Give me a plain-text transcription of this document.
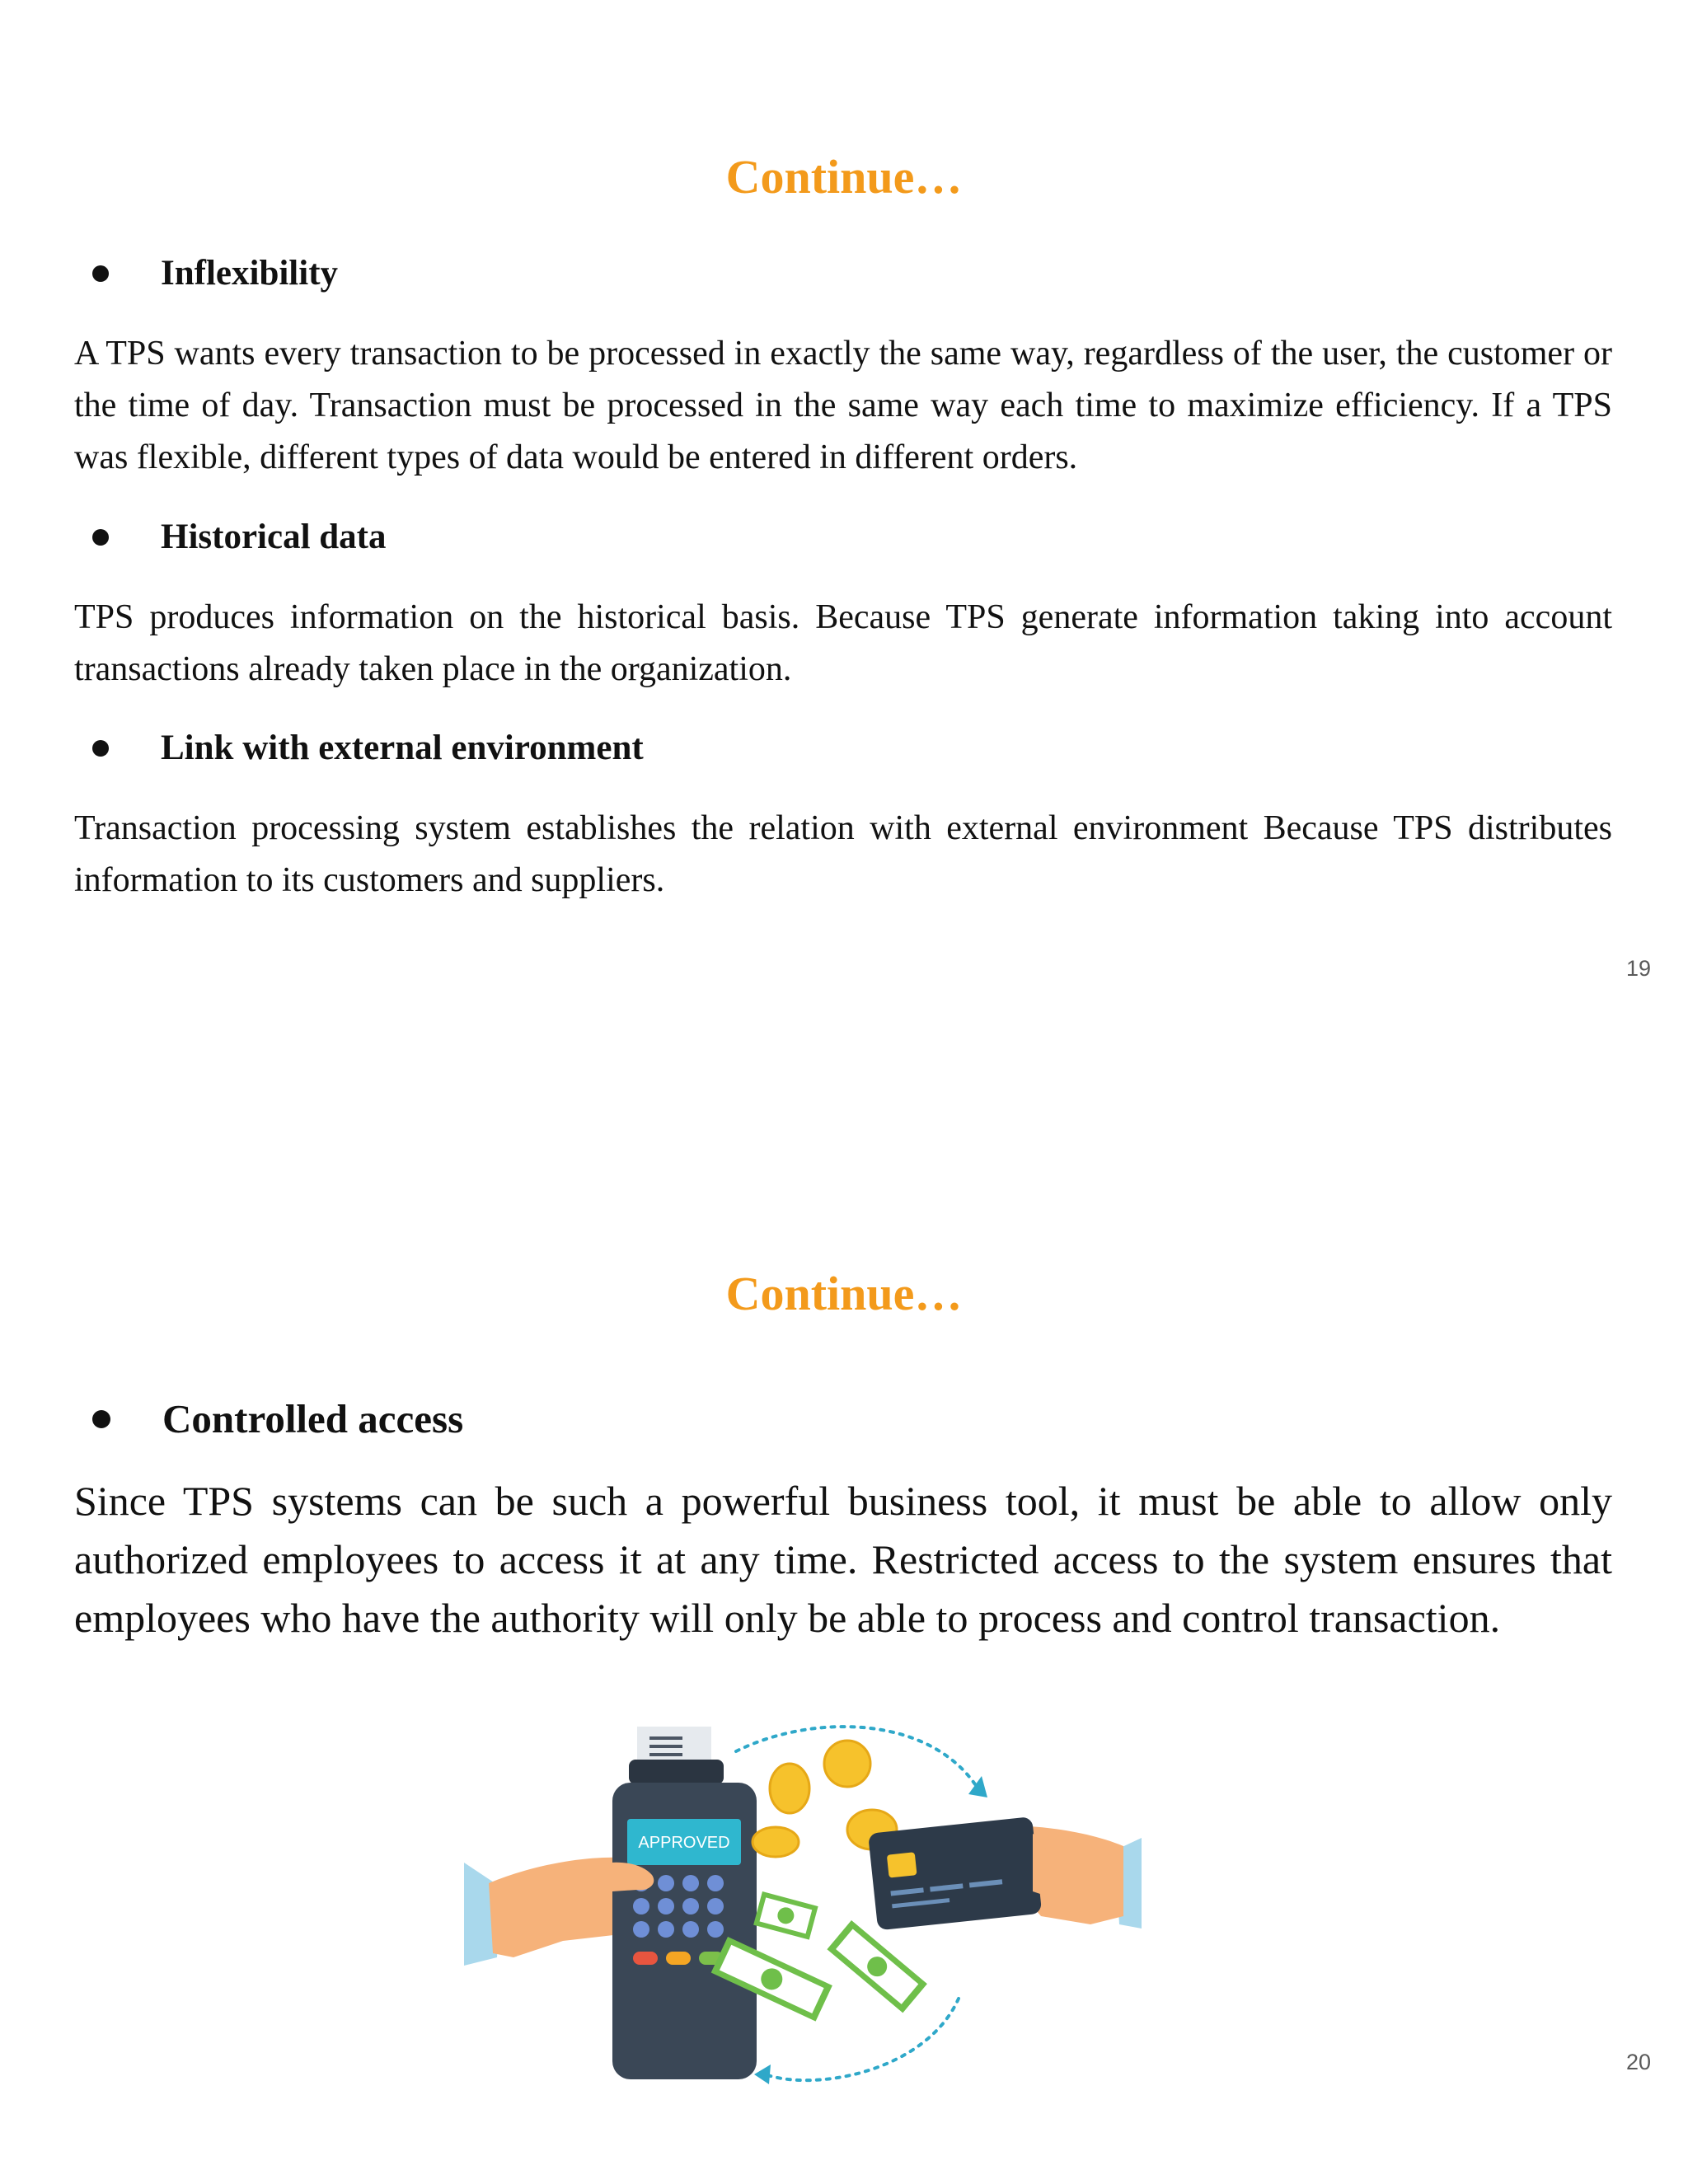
Continue…
Inflexibility

A TPS wants every transaction to be processed in exactly the same way, regardless of the user, the customer or the time of day. Transaction must be processed in the same way each time to maximize efficiency. If a TPS was flexible, different types of data would be entered in different orders.

Historical data

TPS produces information on the historical basis. Because TPS generate information taking into account transactions already taken place in the organization.

Link with external environment

Transaction processing system establishes the relation with external environment Because TPS distributes information to its customers and suppliers.

19
Continue…
Controlled access

Since TPS systems can be such a powerful business tool, it must be able to allow only authorized employees to access it at any time. Restricted access to the system ensures that employees who have the authority will only be able to process and control transaction.

APPROVED
20
